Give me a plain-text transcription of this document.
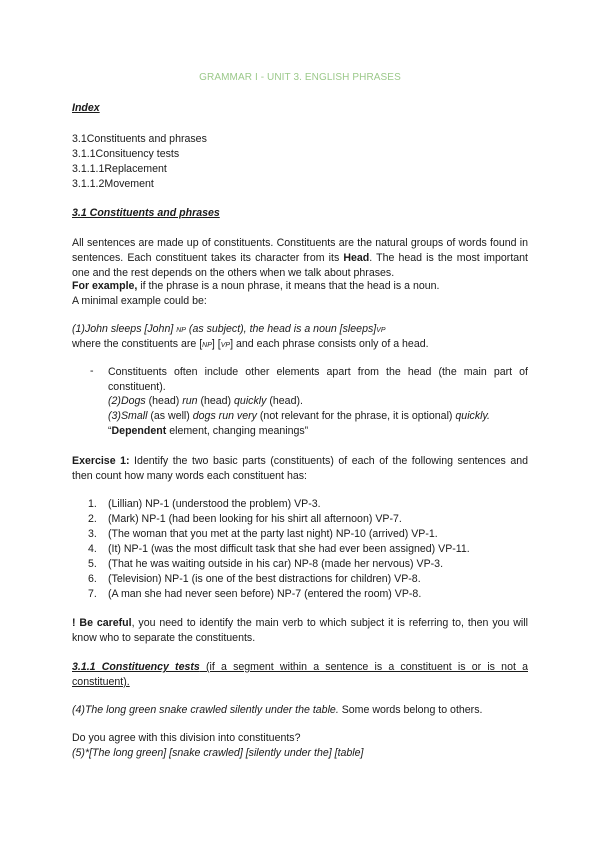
GRAMMAR I - UNIT 3. ENGLISH PHRASES
Index
3.1Constituents and phrases
3.1.1Consituency tests
3.1.1.1Replacement
3.1.1.2Movement
3.1 Constituents and phrases
All sentences are made up of constituents. Constituents are the natural groups of words found in sentences. Each constituent takes its character from its Head. The head is the most important one and the rest depends on the others when we talk about phrases.
For example, if the phrase is a noun phrase, it means that the head is a noun.
A minimal example could be:
(1)John sleeps [John] NP (as subject), the head is a noun [sleeps]VP
where the constituents are [NP] [VP] and each phrase consists only of a head.
- Constituents often include other elements apart from the head (the main part of constituent).
(2)Dogs (head) run (head) quickly (head).
(3)Small (as well) dogs run very (not relevant for the phrase, it is optional) quickly.
“Dependent element, changing meanings”
Exercise 1: Identify the two basic parts (constituents) of each of the following sentences and then count how many words each constituent has:
1. (Lillian) NP-1 (understood the problem) VP-3.
2. (Mark) NP-1 (had been looking for his shirt all afternoon) VP-7.
3. (The woman that you met at the party last night) NP-10 (arrived) VP-1.
4. (It) NP-1 (was the most difficult task that she had ever been assigned) VP-11.
5. (That he was waiting outside in his car) NP-8 (made her nervous) VP-3.
6. (Television) NP-1 (is one of the best distractions for children) VP-8.
7. (A man she had never seen before) NP-7 (entered the room) VP-8.
! Be careful, you need to identify the main verb to which subject it is referring to, then you will know who to separate the constituents.
3.1.1 Constituency tests (if a segment within a sentence is a constituent is or is not a constituent).
(4)The long green snake crawled silently under the table. Some words belong to others.
Do you agree with this division into constituents?
(5)*[The long green] [snake crawled] [silently under the] [table]
